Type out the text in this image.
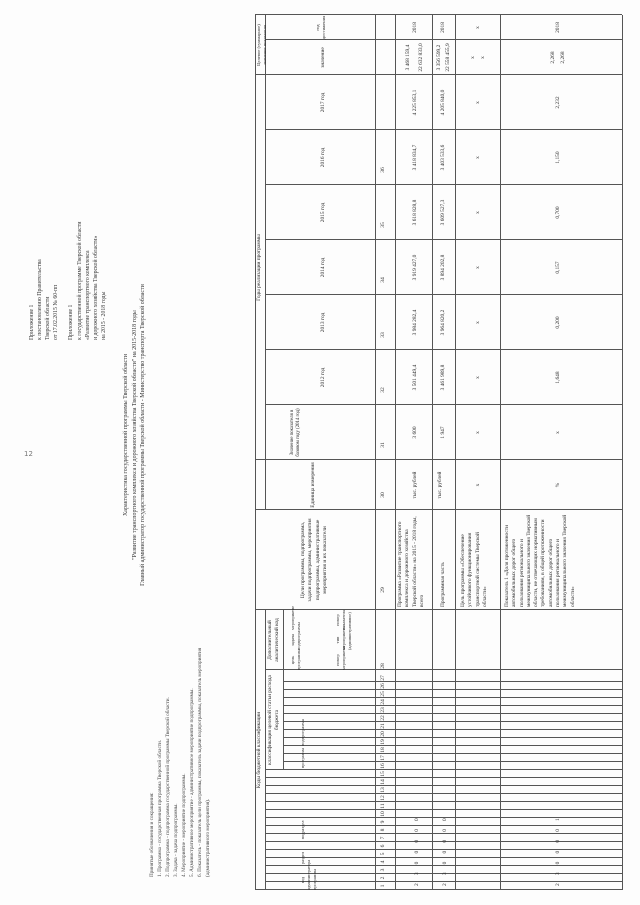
12
Приложение 1 к постановлению Правительства Тверской области от 17.02.2015 № 60-пп Приложение 1 к государственной программе Тверской области «Развитие транспортного комплекса и дорожного хозяйства Тверской области» на 2015 - 2018 годы
Характеристика государственной программы Тверской области "Развитие транспортного комплекса и дорожного хозяйства Тверской области" на 2015-2018 годы Главный администратор государственной программы Тверской области - Министерство транспорта Тверской области
Принятые обозначения и сокращения: 1. Программа - государственная программа Тверской области. 2. Подпрограмма - подпрограмма государственной программы Тверской области. 3. Задача - задача подпрограммы. 4. Мероприятие - мероприятие подпрограммы. 5. Административное мероприятие - административное мероприятие подпрограммы. 6. Показатель - показатель цели программы, показатель задачи подпрограммы, показатель мероприятия (административного мероприятия).
Коды бюджетной классификации классификация целевой статьи расхода бюджета
Дополнительный аналитический код
код администратора программы
раздел
подраздел
программа
подпрограмма
цель программы
задача подпрограммы
мероприятие
номер мероприятия
тип мероприятия (административное)
номер показателя
Цели программы, подпрограмма, задачи подпрограммы, мероприятия подпрограммы, административные мероприятия и их показатели
Единица измерения
Годы реализации программы
Целевое (суммарное) значение показателя
Значение показателя в базовом году (2014 год)
2012 год
2013 год
2014 год
2015 год
2016 год
2017 год
значение
год достижения
1
2
3
4
5
6
7
8
9
10
11
12
13
14
15
16
17
18
19
20
21
22
23
24
25
26
27
28
29
30
31
32
33
34
35
36
2 3 0 0 0 0 0
Программа «Развитие транспортного комплекса и дорожного хозяйства Тверской области» на 2015 - 2018 годы, всего
тыс. рублей
3 600
3 501 449,4
3 984 282,4
3 919 427,0
3 618 828,8
3 418 834,7
4 225 853,1
3 468 159,4 22 632 833,0
2018
2 3 0 0 0 0 0
Программная часть
тыс. рублей
1 947
3 461 989,8
3 964 820,2
3 894 202,8
3 609 527,3
3 403 533,6
4 205 840,0
3 356 599,2 22 558 455,9
2018
Цель программы «Обеспечение устойчивого функционирования транспортной системы Тверской области»
х
х
х
х
х
х
х
х
х х
х
2 3 0 0 0 0 1
Показатель 1 «Доля протяженности автомобильных дорог общего пользования регионального и межмуниципального значения Тверской области, не отвечающих нормативным требованиям, в общей протяженности автомобильных дорог общего пользования регионального и межмуниципального значения Тверской области»
%
х
1,648
0,200
0,157
0,700
1,150
2,232
2,268 2,268
2018
